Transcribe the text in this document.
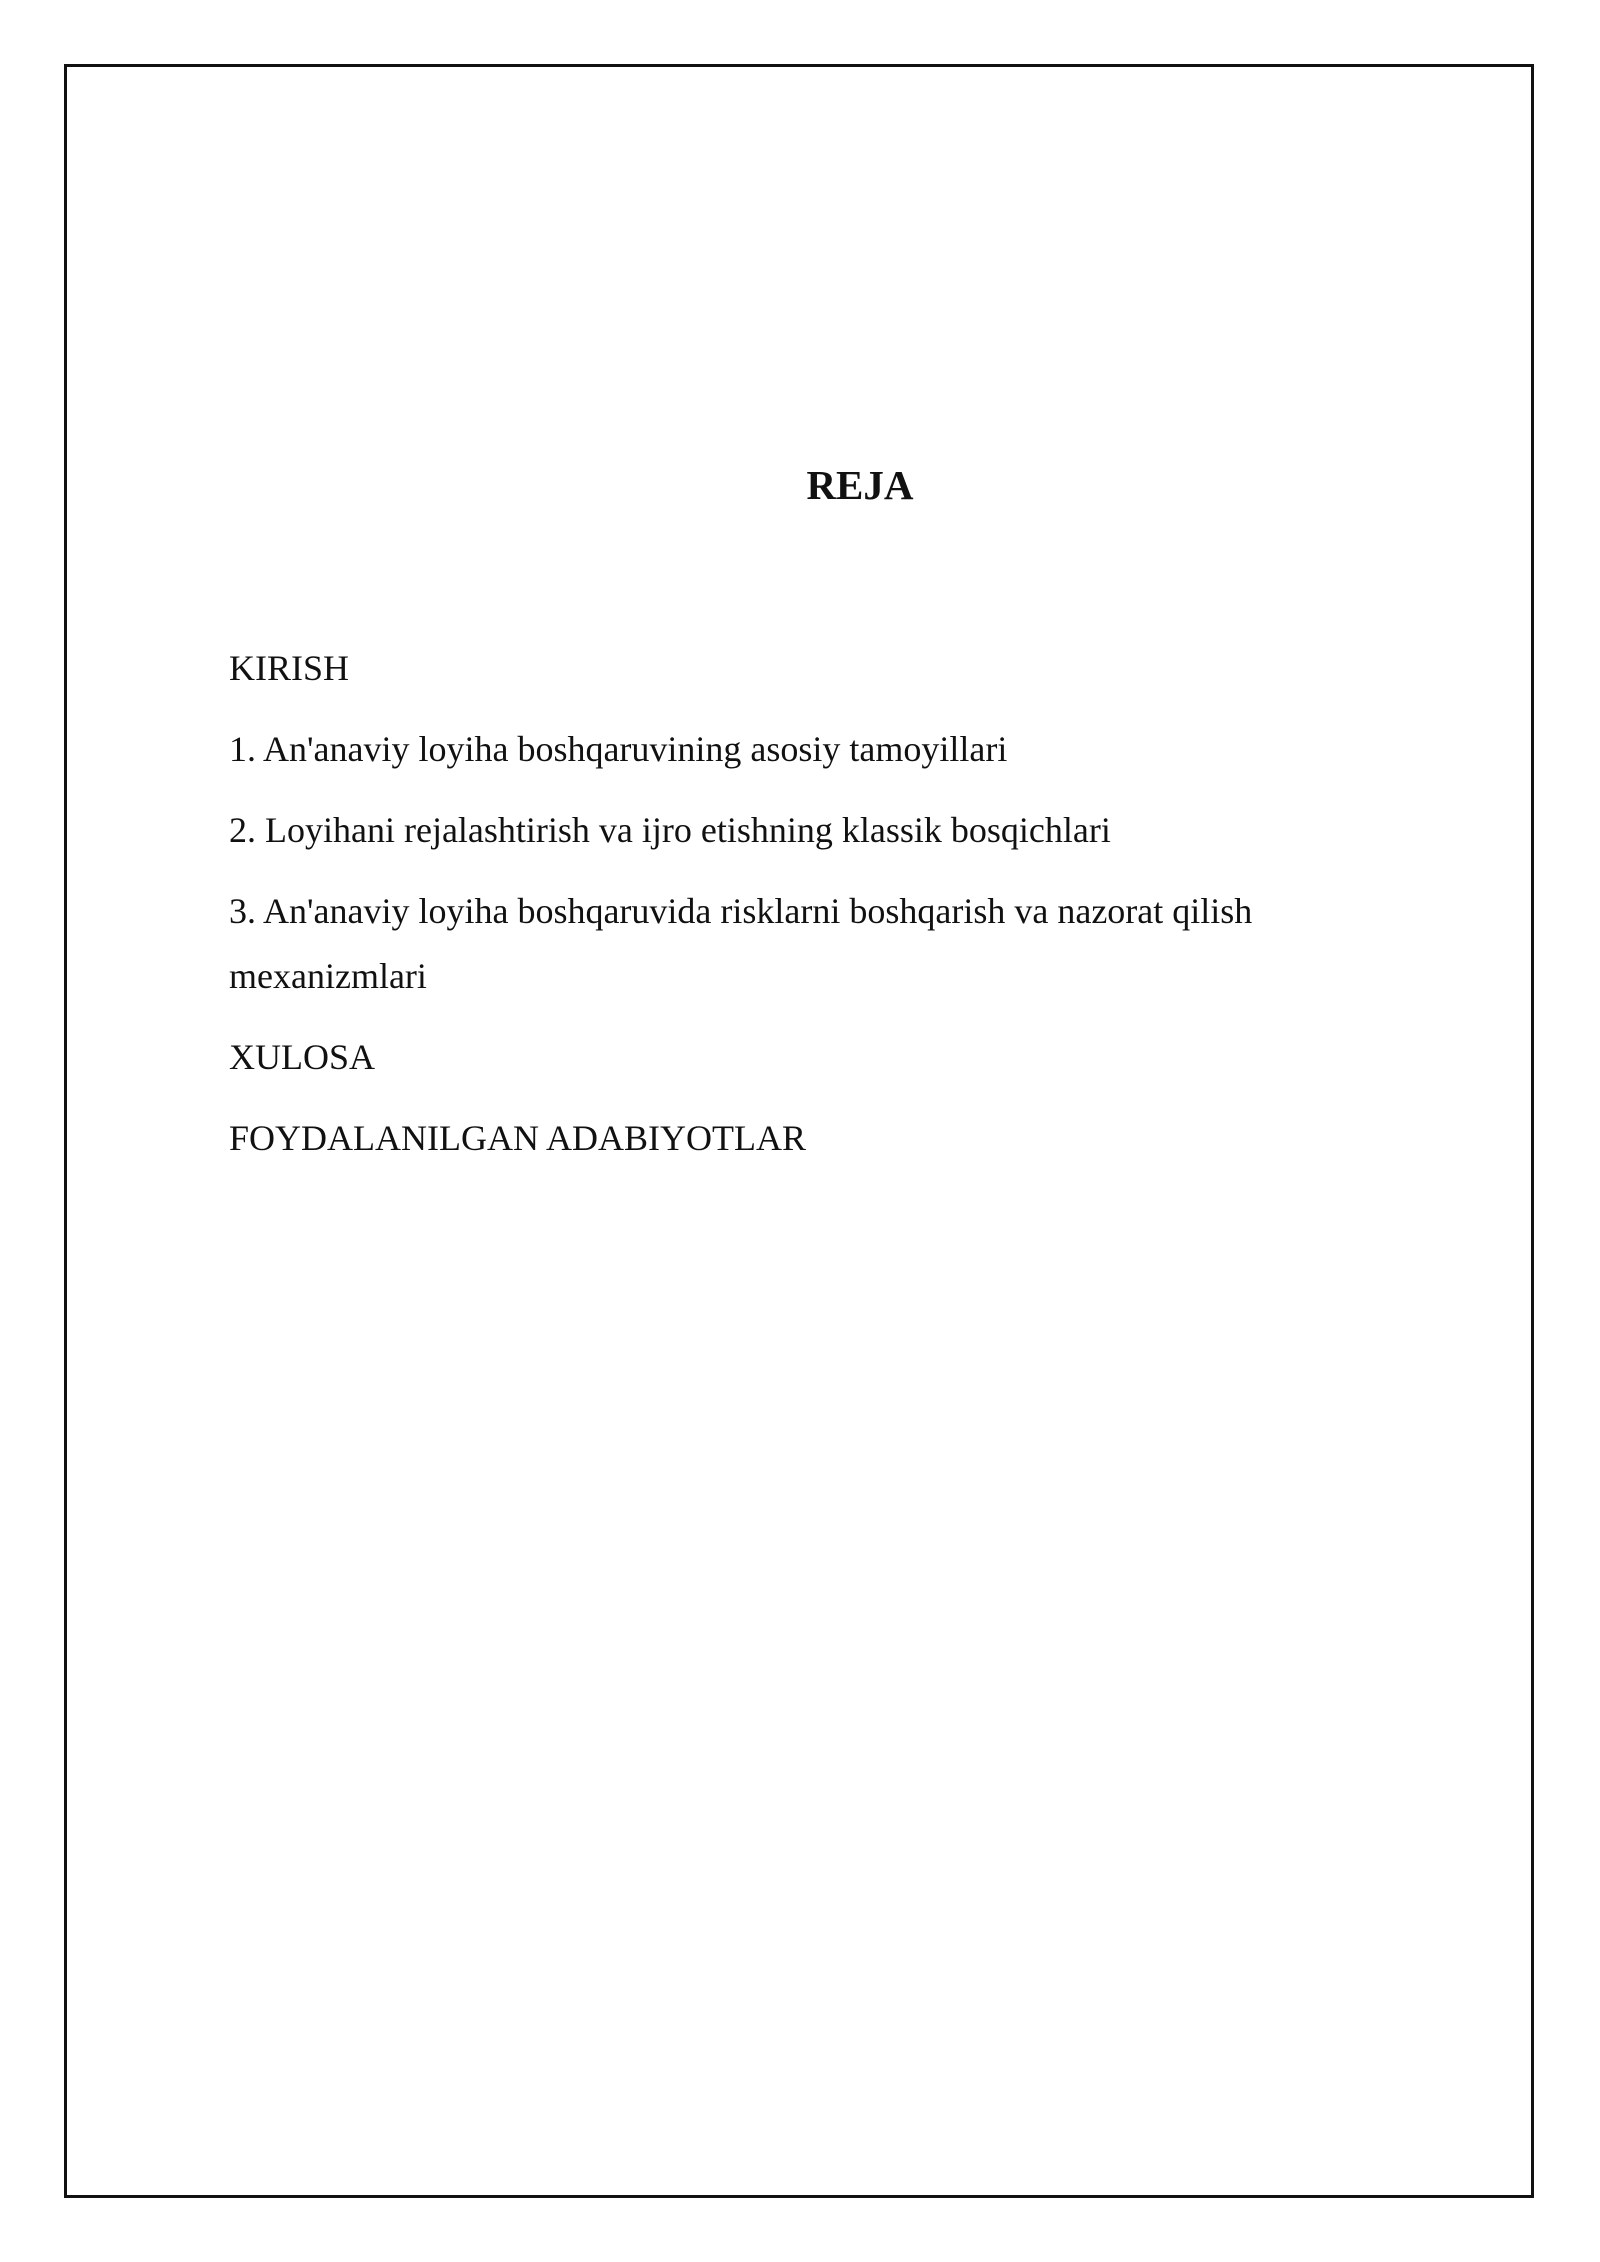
REJA
KIRISH
1. An'anaviy loyiha boshqaruvining asosiy tamoyillari
2. Loyihani rejalashtirish va ijro etishning klassik bosqichlari
3. An'anaviy loyiha boshqaruvida risklarni boshqarish va nazorat qilish mexanizmlari
XULOSA
FOYDALANILGAN ADABIYOTLAR
